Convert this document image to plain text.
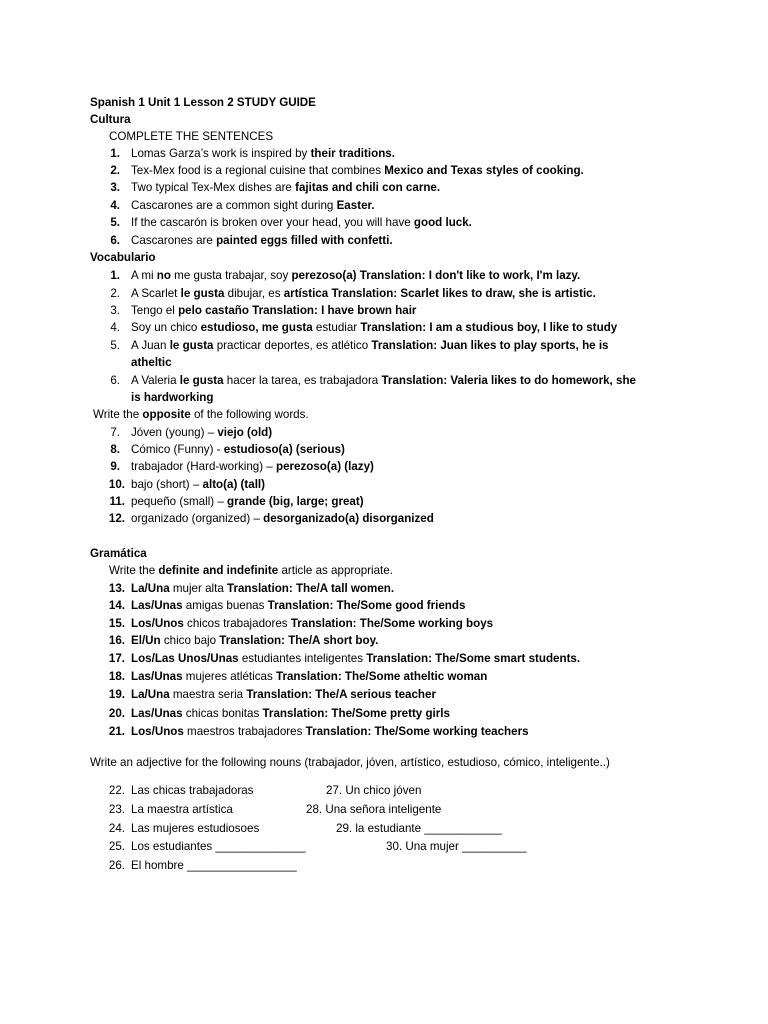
Spanish 1 Unit 1 Lesson 2 STUDY GUIDE
Cultura
COMPLETE THE SENTENCES
1. Lomas Garza’s work is inspired by their traditions.
2. Tex-Mex food is a regional cuisine that combines Mexico and Texas styles of cooking.
3. Two typical Tex-Mex dishes are fajitas and chili con carne.
4. Cascarones are a common sight during Easter.
5. If the cascarón is broken over your head, you will have good luck.
6. Cascarones are painted eggs filled with confetti.
Vocabulario
1. A mi no me gusta trabajar, soy perezoso(a) Translation: I don't like to work, I'm lazy.
2. A Scarlet le gusta dibujar, es artística Translation: Scarlet likes to draw, she is artistic.
3. Tengo el pelo castaño Translation: I have brown hair
4. Soy un chico estudioso, me gusta estudiar Translation: I am a studious boy, I like to study
5. A Juan le gusta practicar deportes, es atlético Translation: Juan likes to play sports, he is
atheltic
6. A Valeria le gusta hacer la tarea, es trabajadora Translation: Valeria likes to do homework, she
is hardworking
Write the opposite of the following words.
7. Jóven (young) – viejo (old)
8. Cómico (Funny) - estudioso(a) (serious)
9. trabajador (Hard-working) – perezoso(a) (lazy)
10. bajo (short) – alto(a) (tall)
11. pequeño (small) – grande (big, large; great)
12. organizado (organized) – desorganizado(a) disorganized
Gramática
Write the definite and indefinite article as appropriate.
13. La/Una mujer alta Translation: The/A tall women.
14. Las/Unas amigas buenas Translation: The/Some good friends
15. Los/Unos chicos trabajadores Translation: The/Some working boys
16. El/Un chico bajo Translation: The/A short boy.
17. Los/Las Unos/Unas estudiantes inteligentes Translation: The/Some smart students.
18. Las/Unas mujeres atléticas Translation: The/Some atheltic woman
19. La/Una maestra seria Translation: The/A serious teacher
20. Las/Unas chicas bonitas Translation: The/Some pretty girls
21. Los/Unos maestros trabajadores Translation: The/Some working teachers
Write an adjective for the following nouns (trabajador, jóven, artístico, estudioso, cómico, inteligente..)
22. Las chicas trabajadoras
23. La maestra artística
24. Las mujeres estudiosoes
25. Los estudiantes ______________
26. El hombre _________________
27. Un chico jóven
28. Una señora inteligente
29. la estudiante ____________
30. Una mujer __________
